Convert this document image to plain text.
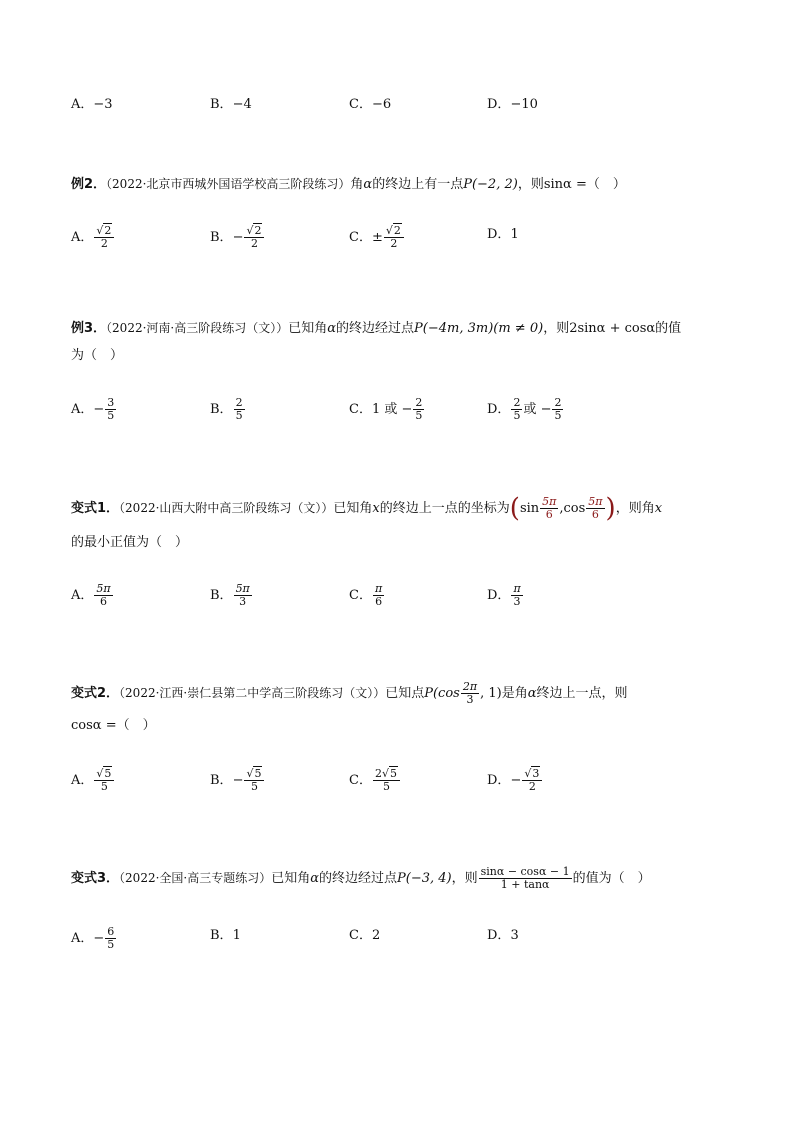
A．−3	B．−4	C．−6	D．−10
例2．（2022·北京市西城外国语学校高三阶段练习）角α的终边上有一点P(−2, 2)，则sinα =（　）
A． $\frac{√2}{2}$	B．− $\frac{√2}{2}$	C．± $\frac{√2}{2}$	D．1
例3．（2022·河南·高三阶段练习（文））已知角α的终边经过点P(−4m, 3m)(m ≠ 0)，则2sinα + cosα的值
为（　）
A．− $\frac{3}{5}$	B． $\frac{2}{5}$	C．1 或 − $\frac{2}{5}$	D． $\frac{2}{5}$ 或 − $\frac{2}{5}$
变式1．（2022·山西大附中高三阶段练习（文））已知角x的终边上一点的坐标为($\sin \frac{5\pi}{6} ,\cos \frac{5\pi}{6}$ )，则角x
的最小正值为（　）
A． $\frac{5\pi}{6}$	B． $\frac{5\pi}{3}$	C． $\frac{\pi}{6}$	D． $\frac{\pi}{3}$
变式2．（2022·江西·崇仁县第二中学高三阶段练习（文））已知点$P(\cos \frac{2\pi}{3}$ , 1)是角α终边上一点，则
cosα =（　）
A． $\frac{√5}{5}$	B．− $\frac{√5}{5}$	C． $\frac{2√5}{5}$	D．− $\frac{√3}{2}$
变式3．（2022·全国·高三专题练习）已知角α的终边经过点P(−3, 4)，则 $\frac{\sin\alpha - \cos\alpha - 1}{1 + \tan\alpha}$ 的值为（　）
A．− $\frac{6}{5}$	B．1	C．2	D．3
